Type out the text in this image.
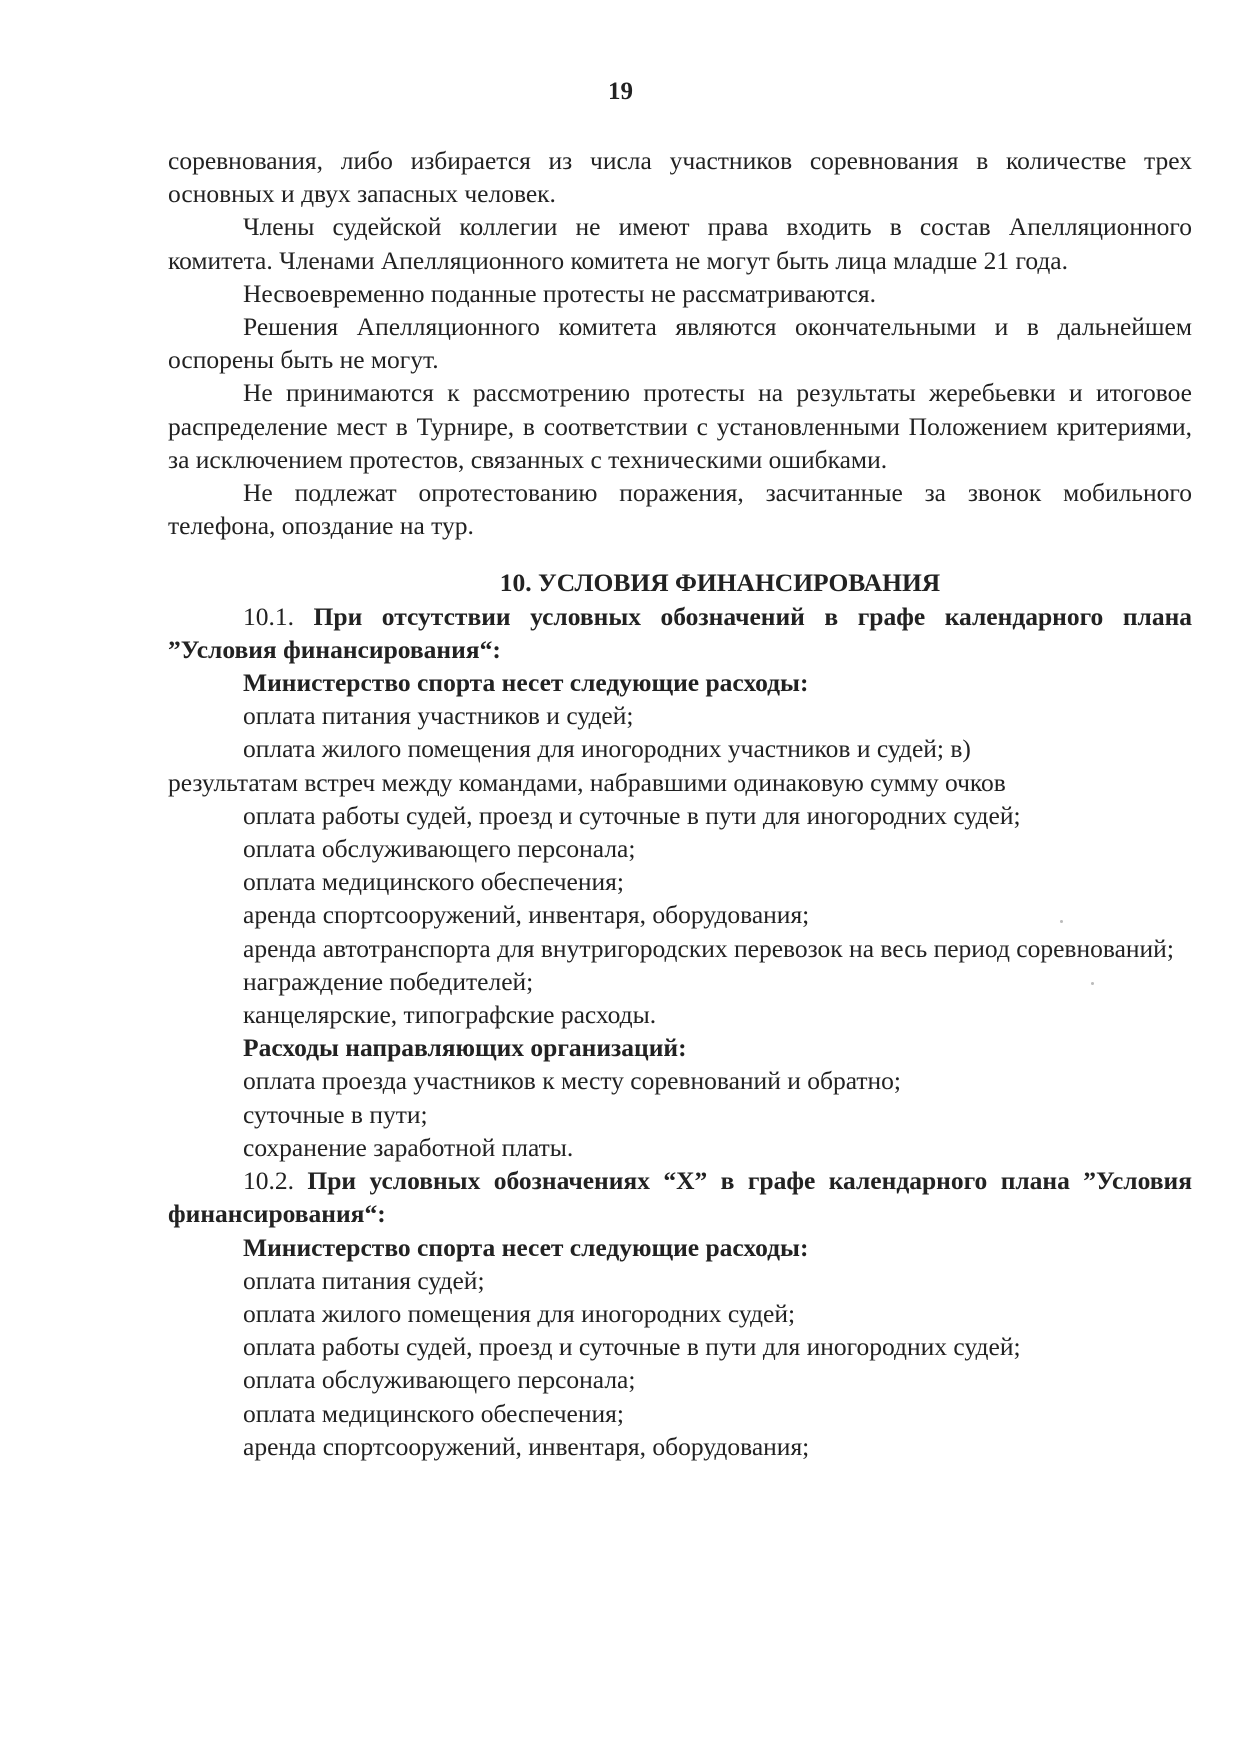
19

соревнования, либо избирается из числа участников соревнования в количестве трех основных и двух запасных человек.

Члены судейской коллегии не имеют права входить в состав Апелляционного комитета. Членами Апелляционного комитета не могут быть лица младше 21 года.

Несвоевременно поданные протесты не рассматриваются.

Решения Апелляционного комитета являются окончательными и в дальнейшем оспорены быть не могут.

Не принимаются к рассмотрению протесты на результаты жеребьевки и итоговое распределение мест в Турнире, в соответствии с установленными Положением критериями, за исключением протестов, связанных с техническими ошибками.

Не подлежат опротестованию поражения, засчитанные за звонок мобильного телефона, опоздание на тур.

10. УСЛОВИЯ ФИНАНСИРОВАНИЯ

10.1. При отсутствии условных обозначений в графе календарного плана ”Условия финансирования“:

Министерство спорта несет следующие расходы:

оплата питания участников и судей;

оплата жилого помещения для иногородних участников и судей; в)

результатам встреч между командами, набравшими одинаковую сумму очков

оплата работы судей, проезд и суточные в пути для иногородних судей;

оплата обслуживающего персонала;

оплата медицинского обеспечения;

аренда спортсооружений, инвентаря, оборудования;

аренда автотранспорта для внутригородских перевозок на весь период соревнований;

награждение победителей;

канцелярские, типографские расходы.

Расходы направляющих организаций:

оплата проезда участников к месту соревнований и обратно;

суточные в пути;

сохранение заработной платы.

10.2. При условных обозначениях “Х” в графе календарного плана ”Условия финансирования“:

Министерство спорта несет следующие расходы:

оплата питания судей;

оплата жилого помещения для иногородних судей;

оплата работы судей, проезд и суточные в пути для иногородних судей;

оплата обслуживающего персонала;

оплата медицинского обеспечения;

аренда спортсооружений, инвентаря, оборудования;
